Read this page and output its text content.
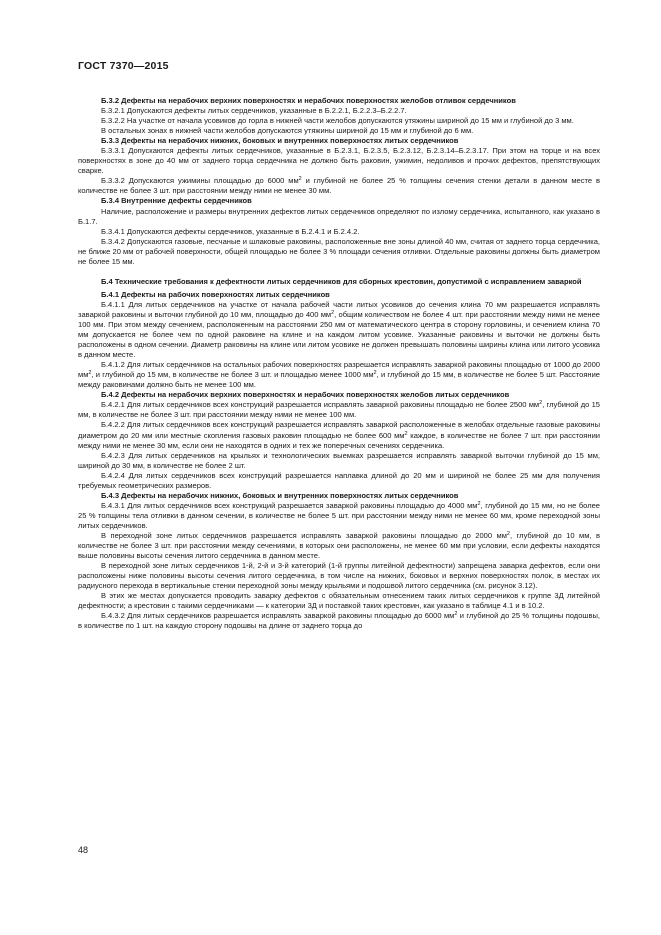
ГОСТ 7370—2015
Б.3.2 Дефекты на нерабочих верхних поверхностях и нерабочих поверхностях желобов отливок сердечников

Б.3.2.1 Допускаются дефекты литых сердечников, указанные в Б.2.2.1, Б.2.2.3–Б.2.2.7.

Б.3.2.2 На участке от начала усовиков до горла в нижней части желобов допускаются утяжины шириной до 15 мм и глубиной до 3 мм.

В остальных зонах в нижней части желобов допускаются утяжины шириной до 15 мм и глубиной до 6 мм.

Б.3.3 Дефекты на нерабочих нижних, боковых и внутренних поверхностях литых сердечников

Б.3.3.1 Допускаются дефекты литых сердечников, указанные в Б.2.3.1, Б.2.3.5, Б.2.3.12, Б.2.3.14–Б.2.3.17. При этом на торце и на всех поверхностях в зоне до 40 мм от заднего торца сердечника не должно быть раковин, ужимин, недоливов и прочих дефектов, препятствующих сварке.

Б.3.3.2 Допускаются ужимины площадью до 6000 $мм^2$ и глубиной не более 25 % толщины сечения стенки детали в данном месте в количестве не более 3 шт. при расстоянии между ними не менее 30 мм.

Б.3.4 Внутренние дефекты сердечников

Наличие, расположение и размеры внутренних дефектов литых сердечников определяют по излому сердечника, испытанного, как указано в Б.1.7.

Б.3.4.1 Допускаются дефекты сердечников, указанные в Б.2.4.1 и Б.2.4.2.

Б.3.4.2 Допускаются газовые, песчаные и шлаковые раковины, расположенные вне зоны длиной 40 мм, считая от заднего торца сердечника, не ближе 20 мм от рабочей поверхности, общей площадью не более 3 % площади сечения отливки. Отдельные раковины должны быть диаметром не более 15 мм.

Б.4 Технические требования к дефектности литых сердечников для сборных крестовин, допустимой с исправлением заваркой
Б.4.1 Дефекты на рабочих поверхностях литых сердечников

Б.4.1.1 Для литых сердечников на участке от начала рабочей части литых усовиков до сечения клина 70 мм разрешается исправлять заваркой раковины и выточки глубиной до 10 мм, площадью до 400 $мм^2$, общим количеством не более 4 шт. при расстоянии между ними не менее 100 мм. При этом между сечением, расположенным на расстоянии 250 мм от математического центра в сторону горловины, и сечением клина 70 мм допускается не более чем по одной раковине на клине и на каждом литом усовике. Указанные раковины и выточки не должны быть расположены в одном сечении. Диаметр раковины на клине или литом усовике не должен превышать половины ширины клина или литого усовика в данном месте.

Б.4.1.2 Для литых сердечников на остальных рабочих поверхностях разрешается исправлять заваркой раковины площадью от 1000 до 2000 $мм^2$, и глубиной до 15 мм, в количестве не более 3 шт. и площадью менее 1000 $мм^2$, и глубиной до 15 мм, в количестве не более 5 шт. Расстояние между раковинами должно быть не менее 100 мм.

Б.4.2 Дефекты на нерабочих верхних поверхностях и нерабочих поверхностях желобов литых сердечников

Б.4.2.1 Для литых сердечников всех конструкций разрешается исправлять заваркой раковины площадью не более 2500 $мм^2$, глубиной до 15 мм, в количестве не более 3 шт. при расстоянии между ними не менее 100 мм.

Б.4.2.2 Для литых сердечников всех конструкций разрешается исправлять заваркой расположенные в желобах отдельные газовые раковины диаметром до 20 мм или местные скопления газовых раковин площадью не более 600 $мм^2$ каждое, в количестве не более 7 шт. при расстоянии между ними не менее 30 мм, если они не находятся в одних и тех же поперечных сечениях сердечника.

Б.4.2.3 Для литых сердечников на крыльях и технологических выемках разрешается исправлять заваркой выточки глубиной до 15 мм, шириной до 30 мм, в количестве не более 2 шт.

Б.4.2.4 Для литых сердечников всех конструкций разрешается наплавка длиной до 20 мм и шириной не более 25 мм для получения требуемых геометрических размеров.

Б.4.3 Дефекты на нерабочих нижних, боковых и внутренних поверхностях литых сердечников

Б.4.3.1 Для литых сердечников всех конструкций разрешается заваркой раковины площадью до 4000 $мм^2$, глубиной до 15 мм, но не более 25 % толщины тела отливки в данном сечении, в количестве не более 5 шт. при расстоянии между ними не менее 60 мм, кроме переходной зоны литых сердечников.

В переходной зоне литых сердечников разрешается исправлять заваркой раковины площадью до 2000 $мм^2$, глубиной до 10 мм, в количестве не более 3 шт. при расстоянии между сечениями, в которых они расположены, не менее 60 мм при условии, если дефекты находятся выше половины высоты сечения литого сердечника в данном месте.

В переходной зоне литых сердечников 1-й, 2-й и 3-й категорий (1-й группы литейной дефектности) запрещена заварка дефектов, если они расположены ниже половины высоты сечения литого сердечника, в том числе на нижних, боковых и верхних поверхностях полок, в местах их радиусного перехода в вертикальные стенки переходной зоны между крыльями и подошвой литого сердечника (см. рисунок 3.12).

В этих же местах допускается проводить заварку дефектов с обязательным отнесением таких литых сердечников к группе 3Д литейной дефектности; а крестовин с такими сердечниками — к категории 3Д и поставкой таких крестовин, как указано в таблице 4.1 и в 10.2.

Б.4.3.2 Для литых сердечников разрешается исправлять заваркой раковины площадью до 6000 $мм^2$ и глубиной до 25 % толщины подошвы, в количестве по 1 шт. на каждую сторону подошвы на длине от заднего торца до

48
